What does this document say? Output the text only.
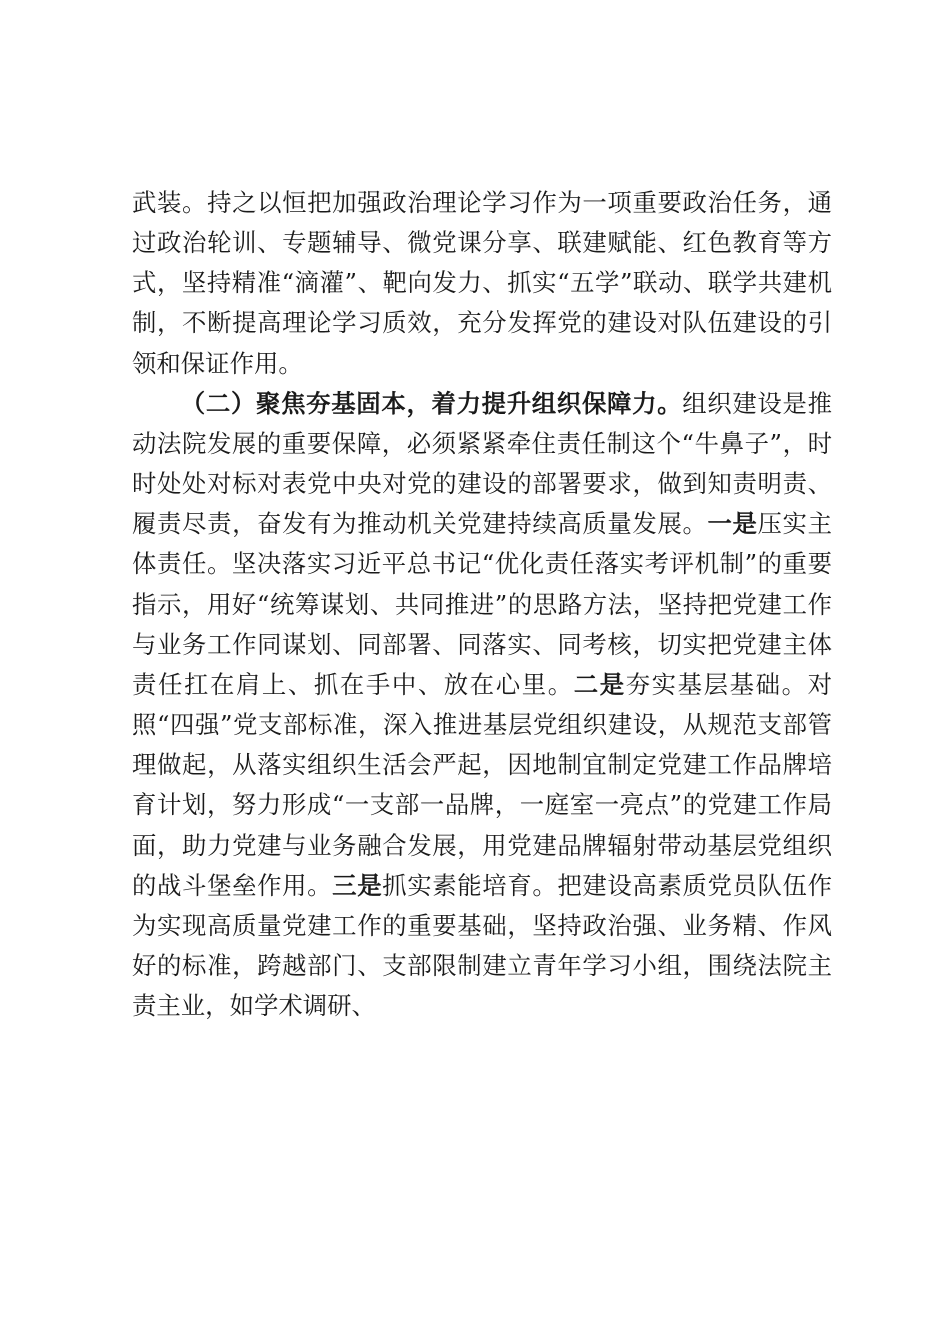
武装。持之以恒把加强政治理论学习作为一项重要政治任务，通过政治轮训、专题辅导、微党课分享、联建赋能、红色教育等方式，坚持精准“滴灌”、靶向发力、抓实“五学”联动、联学共建机制，不断提高理论学习质效，充分发挥党的建设对队伍建设的引领和保证作用。

（二）聚焦夯基固本，着力提升组织保障力。组织建设是推动法院发展的重要保障，必须紧紧牵住责任制这个“牛鼻子”，时时处处对标对表党中央对党的建设的部署要求，做到知责明责、履责尽责，奋发有为推动机关党建持续高质量发展。一是压实主体责任。坚决落实习近平总书记“优化责任落实考评机制”的重要指示，用好“统筹谋划、共同推进”的思路方法，坚持把党建工作与业务工作同谋划、同部署、同落实、同考核，切实把党建主体责任扛在肩上、抓在手中、放在心里。二是夯实基层基础。对照“四强”党支部标准，深入推进基层党组织建设，从规范支部管理做起，从落实组织生活会严起，因地制宜制定党建工作品牌培育计划，努力形成“一支部一品牌，一庭室一亮点”的党建工作局面，助力党建与业务融合发展，用党建品牌辐射带动基层党组织的战斗堡垒作用。三是抓实素能培育。把建设高素质党员队伍作为实现高质量党建工作的重要基础，坚持政治强、业务精、作风好的标准，跨越部门、支部限制建立青年学习小组，围绕法院主责主业，如学术调研、
